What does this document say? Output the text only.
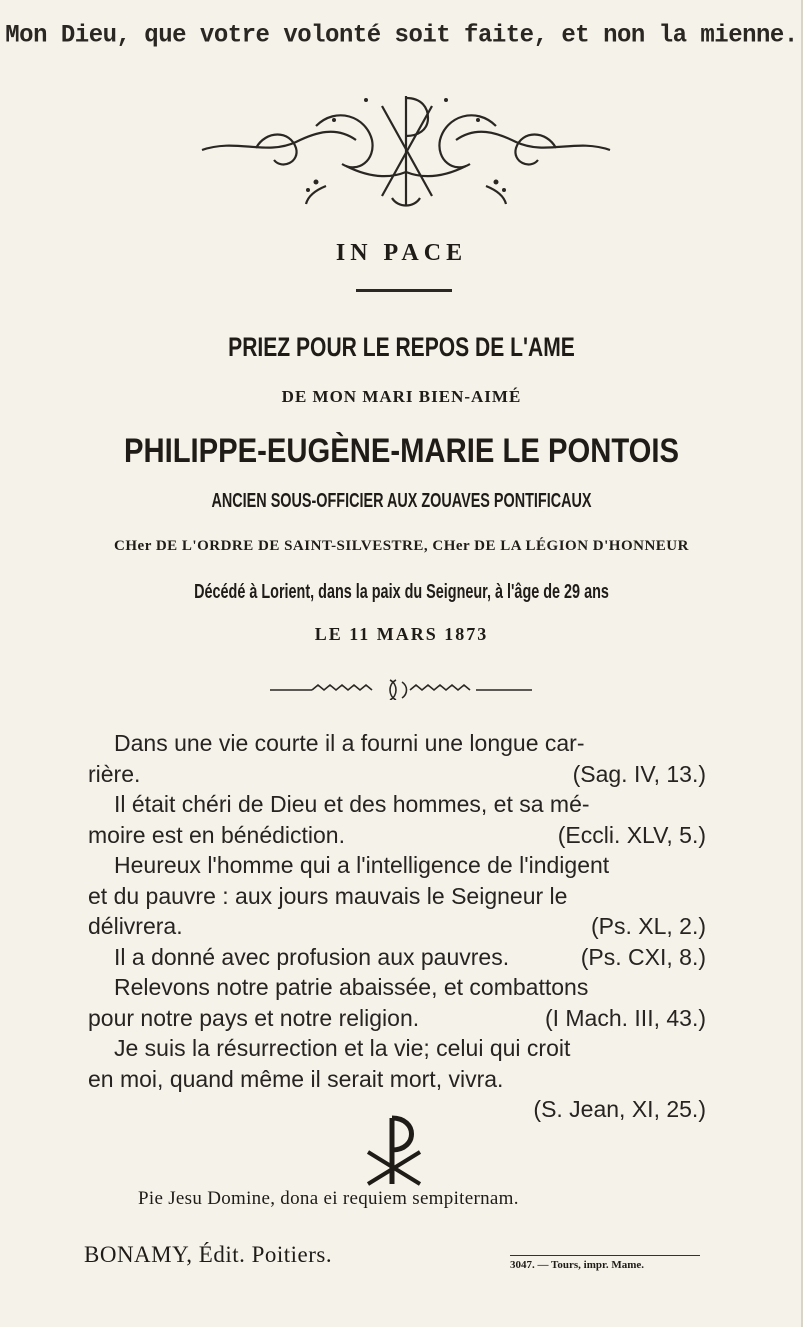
Mon Dieu, que votre volonté soit faite, et non la mienne.
IN PACE
PRIEZ POUR LE REPOS DE L'AME
DE MON MARI BIEN-AIMÉ
PHILIPPE-EUGÈNE-MARIE LE PONTOIS
ANCIEN SOUS-OFFICIER AUX ZOUAVES PONTIFICAUX
CHer DE L'ORDRE DE SAINT-SILVESTRE, CHer DE LA LÉGION D'HONNEUR
Décédé à Lorient, dans la paix du Seigneur, à l'âge de 29 ans
LE 11 MARS 1873
Dans une vie courte il a fourni une longue car-
rière.	(Sag. IV, 13.)
Il était chéri de Dieu et des hommes, et sa mé-
moire est en bénédiction.	(Eccli. XLV, 5.)
Heureux l'homme qui a l'intelligence de l'indigent
et du pauvre : aux jours mauvais le Seigneur le
délivrera.	(Ps. XL, 2.)
Il a donné avec profusion aux pauvres.	(Ps. CXI, 8.)
Relevons notre patrie abaissée, et combattons
pour notre pays et notre religion.	(I Mach. III, 43.)
Je suis la résurrection et la vie; celui qui croit
en moi, quand même il serait mort, vivra.
(S. Jean, XI, 25.)
Pie Jesu Domine, dona ei requiem sempiternam.
BONAMY, Édit. Poitiers.	3047. — Tours, impr. Mame.
